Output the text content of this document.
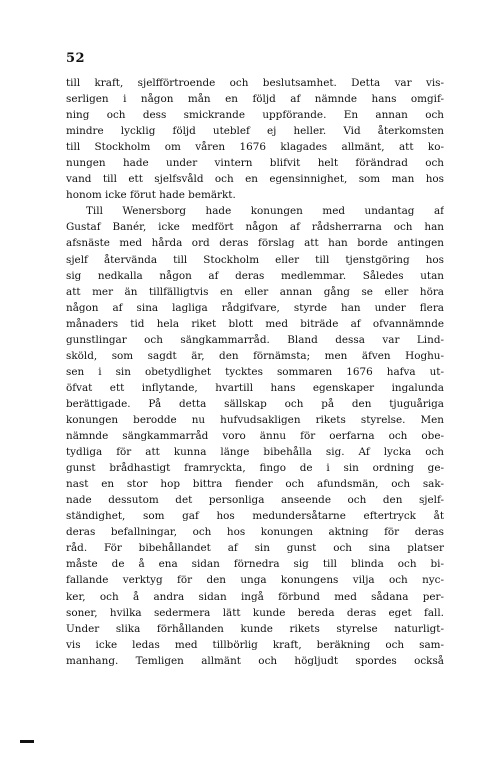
52
till kraft, sjelfförtroende och beslutsamhet. Detta var vis-
serligen i någon mån en följd af nämnde hans omgif-
ning och dess smickrande uppförande. En annan och
mindre lycklig följd uteblef ej heller. Vid återkomsten
till Stockholm om våren 1676 klagades allmänt, att ko-
nungen hade under vintern blifvit helt förändrad och
vand till ett sjelfsvåld och en egensinnighet, som man hos
honom icke förut hade bemärkt.
Till Wenersborg hade konungen med undantag af
Gustaf Banér, icke medfört någon af rådsherrarna och han
afsnäste med hårda ord deras förslag att han borde antingen
sjelf återvända till Stockholm eller till tjenstgöring hos
sig nedkalla någon af deras medlemmar. Således utan
att mer än tillfälligtvis en eller annan gång se eller höra
någon af sina lagliga rådgifvare, styrde han under flera
månaders tid hela riket blott med biträde af ofvannämnde
gunstlingar och sängkammarråd. Bland dessa var Lind-
sköld, som sagdt är, den förnämsta; men äfven Hoghu-
sen i sin obetydlighet tycktes sommaren 1676 hafva ut-
öfvat ett inflytande, hvartill hans egenskaper ingalunda
berättigade. På detta sällskap och på den tjuguåriga
konungen berodde nu hufvudsakligen rikets styrelse. Men
nämnde sängkammarråd voro ännu för oerfarna och obe-
tydliga för att kunna länge bibehålla sig. Af lycka och
gunst brådhastigt framryckta, fingo de i sin ordning ge-
nast en stor hop bittra fiender och afundsmän, och sak-
nade dessutom det personliga anseende och den sjelf-
ständighet, som gaf hos medundersåtarne eftertryck åt
deras befallningar, och hos konungen aktning för deras
råd. För bibehållandet af sin gunst och sina platser
måste de å ena sidan förnedra sig till blinda och bi-
fallande verktyg för den unga konungens vilja och nyc-
ker, och å andra sidan ingå förbund med sådana per-
soner, hvilka sedermera lätt kunde bereda deras eget fall.
Under slika förhållanden kunde rikets styrelse naturligt-
vis icke ledas med tillbörlig kraft, beräkning och sam-
manhang. Temligen allmänt och högljudt spordes också
